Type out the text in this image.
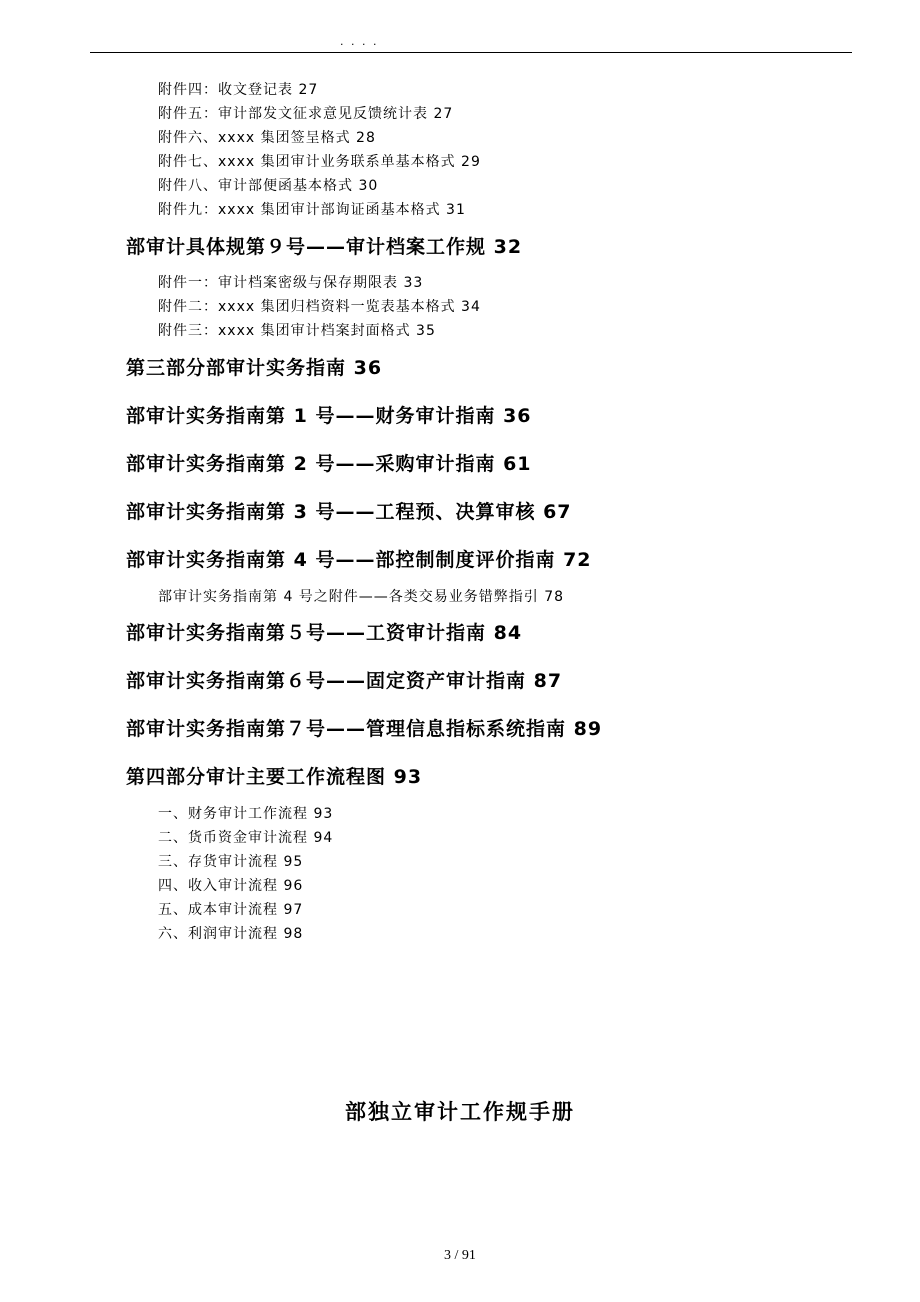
. . . .

附件四：收文登记表 27

附件五：审计部发文征求意见反馈统计表 27

附件六、xxxx 集团签呈格式 28

附件七、xxxx 集团审计业务联系单基本格式 29

附件八、审计部便函基本格式 30

附件九：xxxx 集团审计部询证函基本格式 31

部审计具体规第９号——审计档案工作规 32

附件一：审计档案密级与保存期限表 33

附件二：xxxx 集团归档资料一览表基本格式 34

附件三：xxxx 集团审计档案封面格式 35

第三部分部审计实务指南 36

部审计实务指南第 1 号——财务审计指南 36

部审计实务指南第 2 号——采购审计指南 61

部审计实务指南第 3 号——工程预、决算审核 67

部审计实务指南第 4 号——部控制制度评价指南 72

部审计实务指南第 4 号之附件——各类交易业务错弊指引 78

部审计实务指南第５号——工资审计指南 84

部审计实务指南第６号——固定资产审计指南 87

部审计实务指南第７号——管理信息指标系统指南 89

第四部分审计主要工作流程图 93

一、财务审计工作流程 93

二、货币资金审计流程 94

三、存货审计流程 95

四、收入审计流程 96

五、成本审计流程 97

六、利润审计流程 98

部独立审计工作规手册
3 / 91
